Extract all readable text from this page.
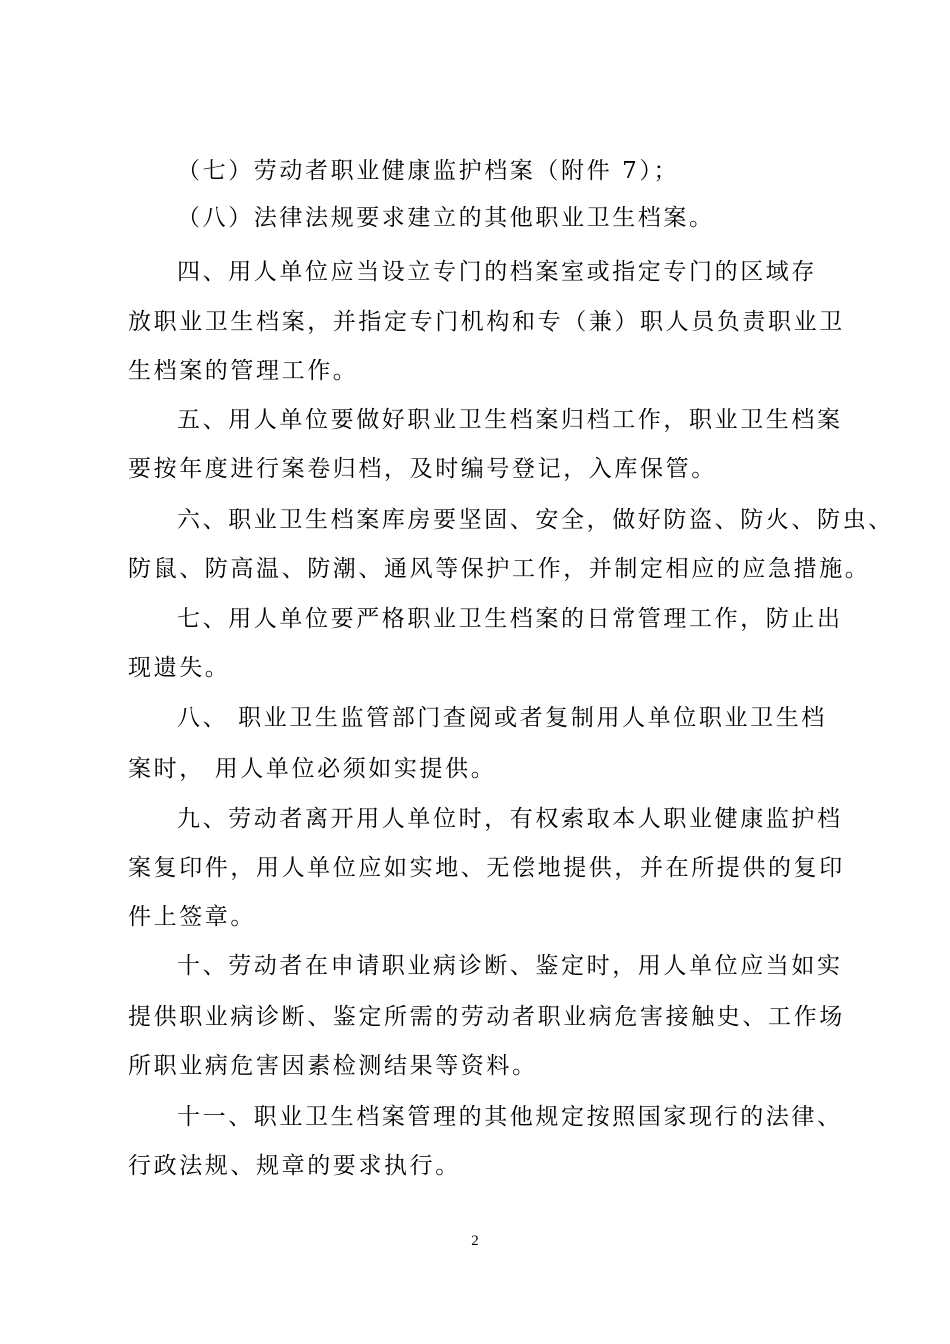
（七）劳动者职业健康监护档案（附件 7）；
（八）法律法规要求建立的其他职业卫生档案。
四、用人单位应当设立专门的档案室或指定专门的区域存
放职业卫生档案，并指定专门机构和专（兼）职人员负责职业卫
生档案的管理工作。
五、用人单位要做好职业卫生档案归档工作，职业卫生档案
要按年度进行案卷归档，及时编号登记，入库保管。
六、职业卫生档案库房要坚固、安全，做好防盗、防火、防虫、
防鼠、防高温、防潮、通风等保护工作，并制定相应的应急措施。
七、用人单位要严格职业卫生档案的日常管理工作，防止出
现遗失。
八、 职业卫生监管部门查阅或者复制用人单位职业卫生档
案时， 用人单位必须如实提供。
九、劳动者离开用人单位时，有权索取本人职业健康监护档
案复印件，用人单位应如实地、无偿地提供，并在所提供的复印
件上签章。
十、劳动者在申请职业病诊断、鉴定时，用人单位应当如实
提供职业病诊断、鉴定所需的劳动者职业病危害接触史、工作场
所职业病危害因素检测结果等资料。
十一、职业卫生档案管理的其他规定按照国家现行的法律、
行政法规、规章的要求执行。
2
